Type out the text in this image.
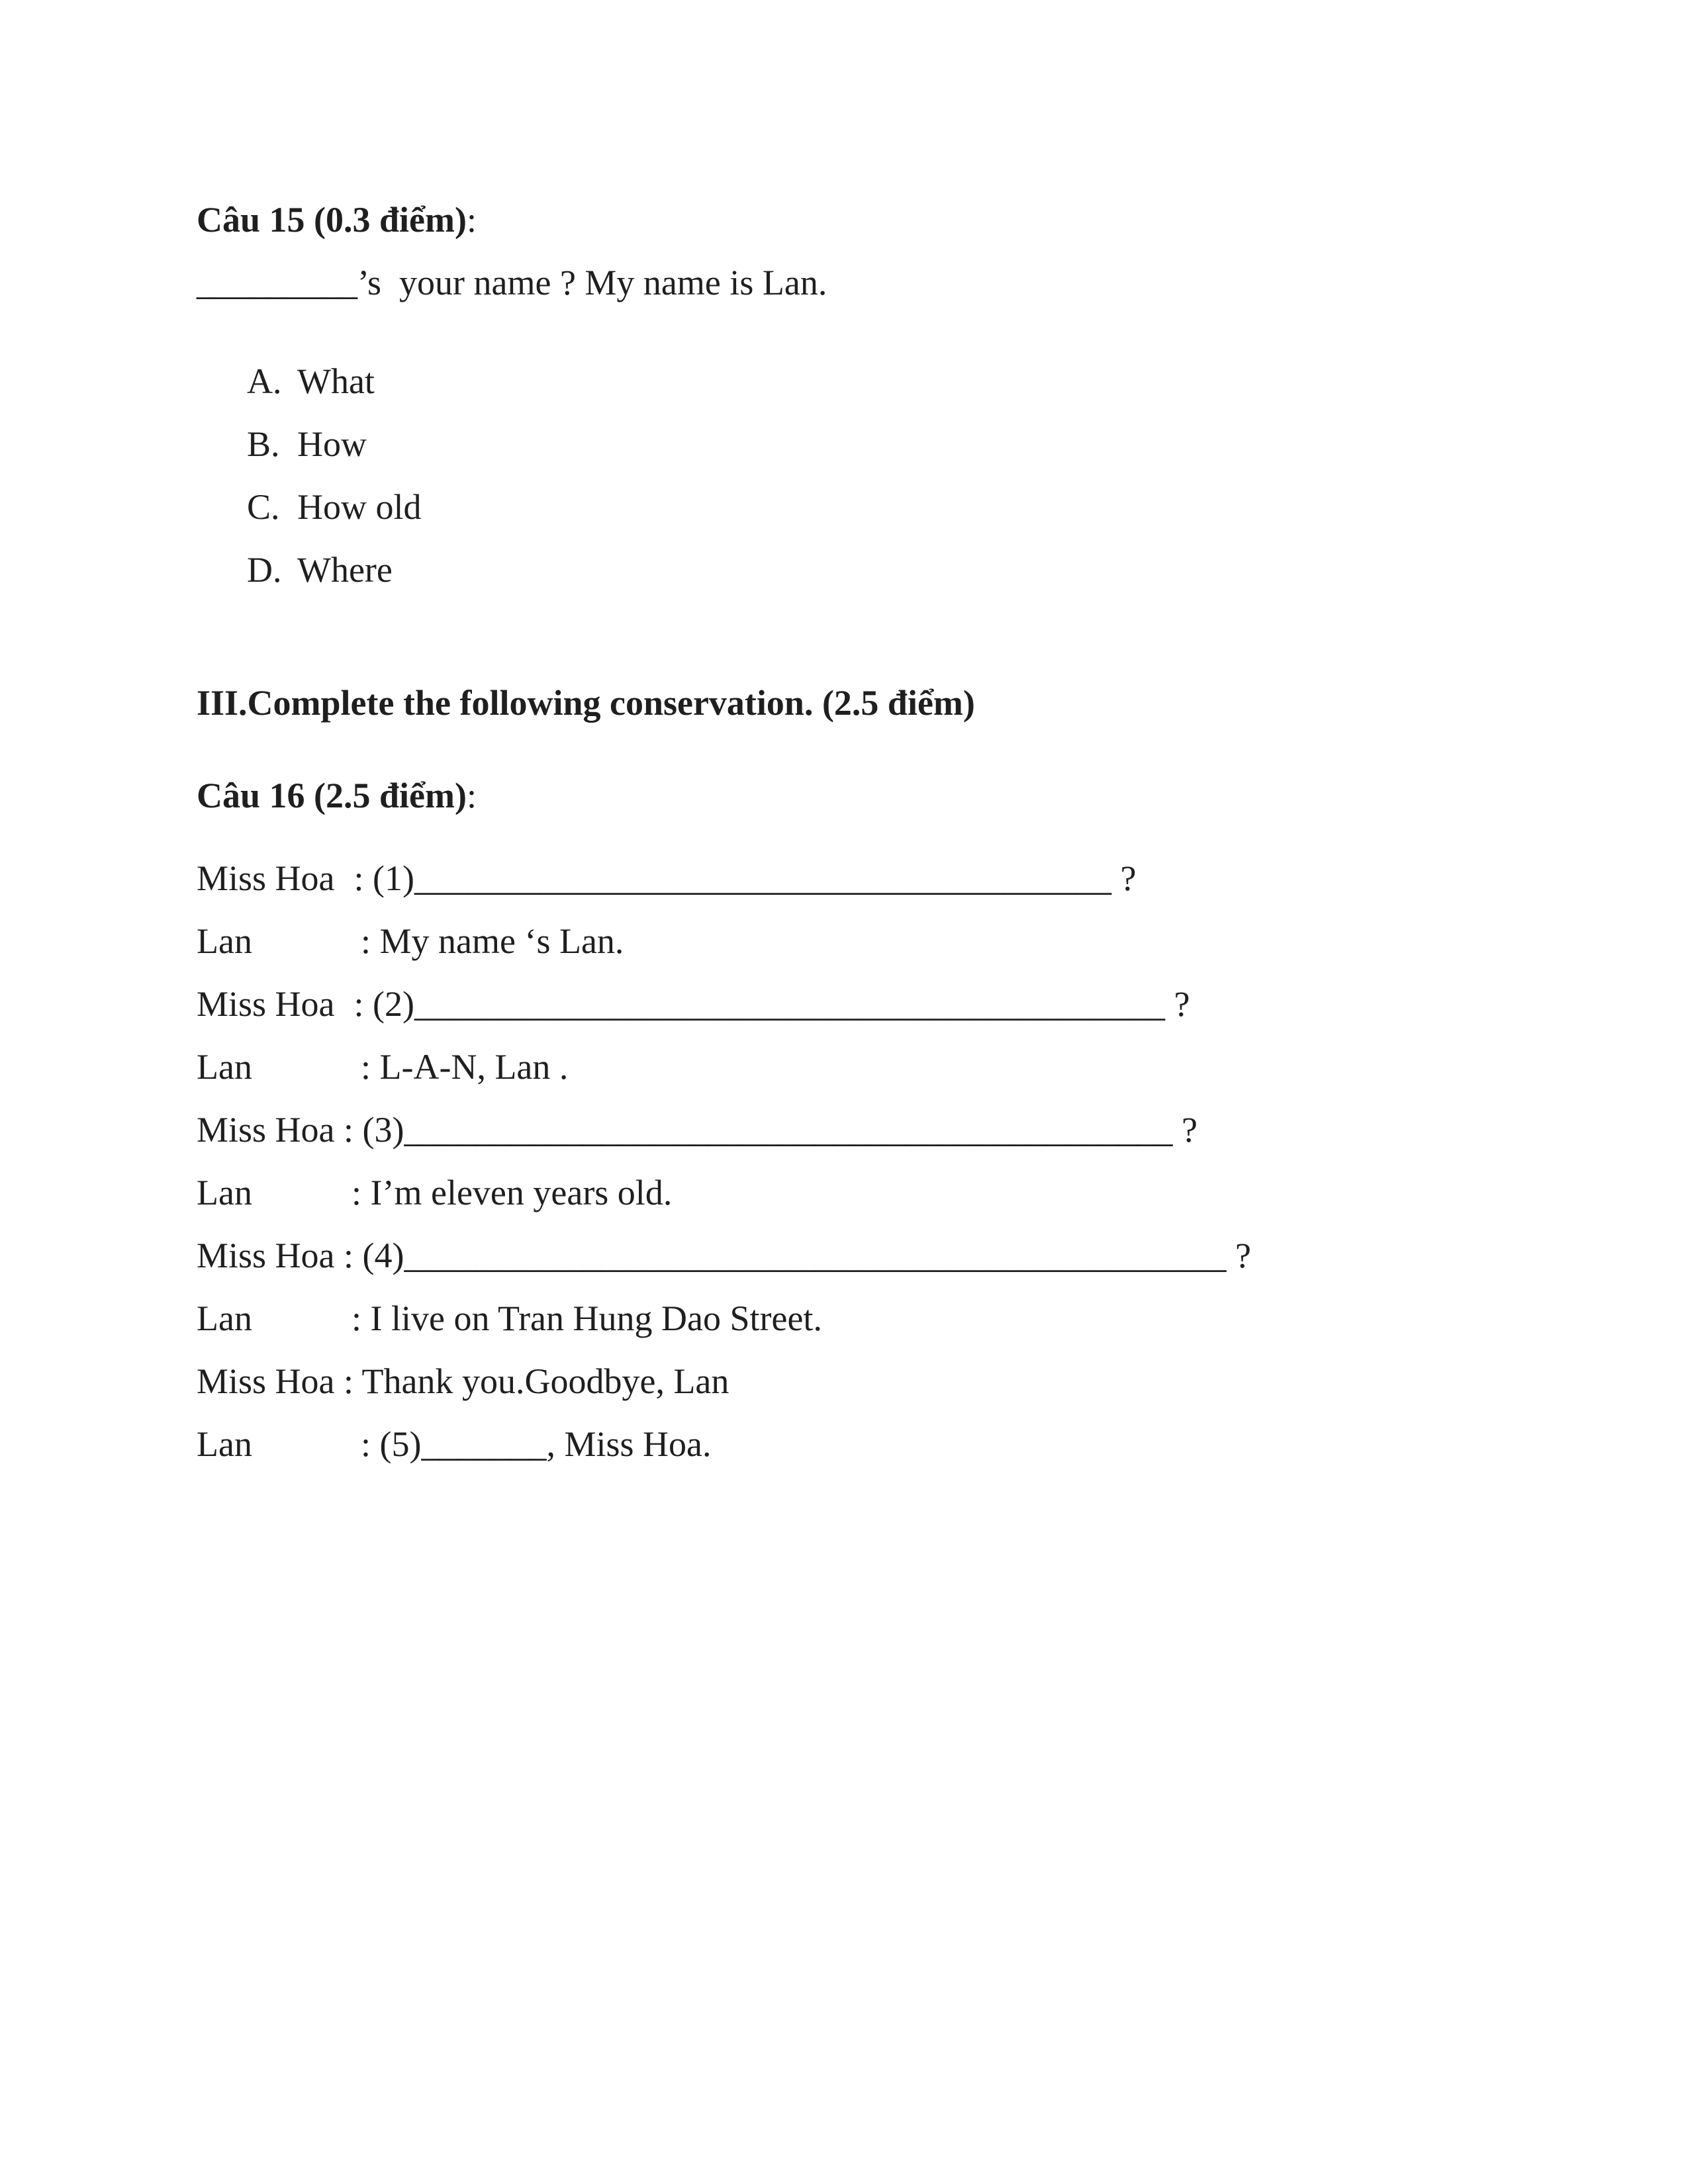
Câu 15 (0.3 điểm):
_________’s  your name ? My name is Lan.

A. What

B. How

C. How old

D. Where

III.Complete the following conservation. (2.5 điểm)
Câu 16 (2.5 điểm):
Miss Hoa : (1)_______________________________________ ?
Lan	: My name ‘s Lan.
Miss Hoa : (2)__________________________________________ ?
Lan	: L-A-N, Lan .
Miss Hoa : (3)___________________________________________ ?
Lan	: I’m eleven years old.
Miss Hoa : (4)______________________________________________ ?
Lan	: I live on Tran Hung Dao Street.
Miss Hoa : Thank you.Goodbye, Lan
Lan	: (5)_______, Miss Hoa.
